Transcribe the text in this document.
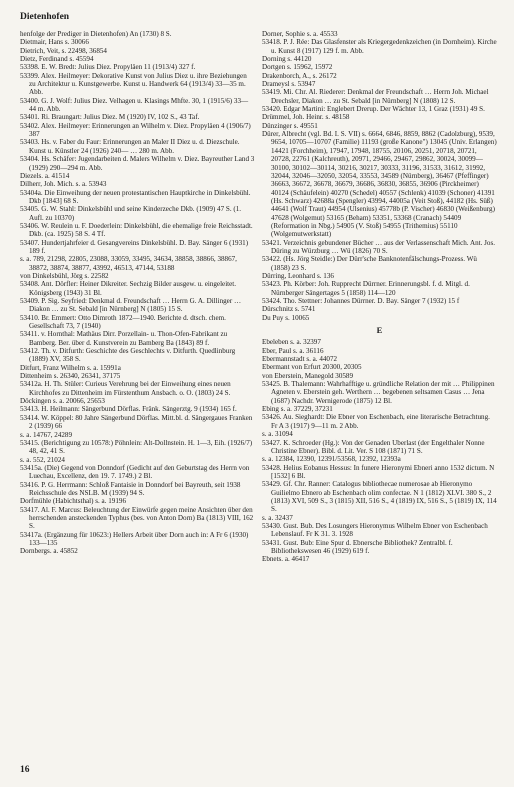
Dietenhofen

henfolge der Prediger in Dietenhofen) An (1730) 8 S.

Dietmair, Hans s. 30066

Dietrich, Veit, s. 22498, 36854

Dietz, Ferdinand s. 45594

53398. E. W. Bredt: Julius Diez. Propyläen 11 (1913/4) 327 f.

53399. Alex. Heilmeyer: Dekorative Kunst von Julius Diez u. ihre Beziehungen zu Architektur u. Kunstgewerbe. Kunst u. Handwerk 64 (1913/4) 33—35 m. Abb.

53400. G. J. Wolf: Julius Diez. Velhagen u. Klasings Mhfte. 30, 1 (1915/6) 33—44 m. Abb.

53401. Ri. Braungart: Julius Diez. M (1920) IV, 102 S., 43 Taf.

53402. Alex. Heilmeyer: Erinnerungen an Wilhelm v. Diez. Propyläen 4 (1906/7) 387

53403. Hs. v. Faber du Faur: Erinnerungen an Maler II Diez u. d. Diezschule. Kunst u. Künstler 24 (1926) 240— … 280 m. Abb.

53404. Hs. Schäfer: Jugendarbeiten d. Malers Wilhelm v. Diez. Bayreuther Land 3 (1929) 290—294 m. Abb.

Diezels. a. 41514

Dilherr, Joh. Mich. s. a. 53943

53404a. Die Einweihung der neuen protestantischen Hauptkirche in Dinkelsbühl. Dkb [1843] 68 S.

53405. G. W. Stahl: Dinkelsbühl und seine Kinderzeche Dkb. (1909) 47 S. (1. Aufl. zu 10370)

53406. W. Reulein u. F. Doederlein: Dinkelsbühl, die ehemalige freie Reichsstadt. Dkb. (ca. 1925) 58 S. 4 Tf.

53407. Hundertjahrfeier d. Gesangvereins Dinkelsbühl. D. Bay. Sänger 6 (1931) 189 f.

s. a. 789, 21298, 22805, 23088, 33059, 33495, 34634, 38858, 38866, 38867, 38872, 38874, 38877, 43992, 46513, 47144, 53188

von Dinkelsbühl, Jörg s. 22582

53408. Ant. Dörfler: Heiner Dikreiter. Sechzig Bilder ausgew. u. eingeleitet. Königsberg (1943) 31 Bl.

53409. P. Sig. Seyfried: Denkmal d. Freundschaft … Herrn G. A. Dillinger … Diakon … zu St. Sebald [in Nürnberg] N (1805) 15 S.

53410. Br. Emmert: Otto Dimroth 1872—1940. Berichte d. dtsch. chem. Gesellschaft 73, 7 (1940)

53411. v. Hornthal: Mathäus Dirr. Porzellain- u. Thon-Ofen-Fabrikant zu Bamberg. Ber. über d. Kunstverein zu Bamberg Ba (1843) 89 f.

53412. Th. v. Ditfurth: Geschichte des Geschlechts v. Ditfurth. Quedlinburg (1889) XV, 358 S.

Ditfurt, Franz Wilhelm s. a. 15991a

Dittenheim s. 26340, 26341, 37175

53412a. H. Th. Stüler: Curieus Verehrung bei der Einweihung eines neuen Kirchhofes zu Dittenheim im Fürstenthum Ansbach. o. O. (1803) 24 S.

Döckingen s. a. 20066, 25653

53413. H. Heilmann: Sängerbund Dörflas. Fränk. Sängerztg. 9 (1934) 165 f.

53414. W. Köppel: 80 Jahre Sängerbund Dörflas. Mitt.bl. d. Sängergaues Franken 2 (1939) 66

s. a. 14767, 24289

53415. (Berichtigung zu 10578:) Pöhnlein: Alt-Dollnstein. H. 1—3, Eih. (1926/7) 48, 42, 41 S.

s. a. 552, 21024

53415a. (Die) Gegend von Donndorf (Gedicht auf den Geburtstag des Herrn von Luechau, Excellenz, den 19. 7. 1749.) 2 Bl.

53416. P. G. Herrmann: Schloß Fantaisie in Donndorf bei Bayreuth, seit 1938 Reichsschule des NSLB. M (1939) 94 S.

Dorfmühle (Habichtsthal) s. a. 19196

53417. Al. F. Marcus: Beleuchtung der Einwürfe gegen meine Ansichten über den herrschenden ansteckenden Typhus (bes. von Anton Dorn) Ba (1813) VIII, 162 S.

53417a. (Ergänzung für 10623:) Hellers Arbeit über Dorn auch in: A Fr 6 (1930) 133—135

Dornbergs. a. 45852

Dorner, Sophie s. a. 45533

53418. P. J. Rée: Das Glasfenster als Kriegergedenkzeichen (in Dornheim). Kirche u. Kunst 8 (1917) 129 f. m. Abb.

Dorning s. 44120

Dortgen s. 15962, 15972

Drakenborch, A., s. 26172

Drameysl s. 53947

53419. Mi. Chr. Al. Riederer: Denkmal der Freundschaft … Herrn Joh. Michael Drechsler, Diakon … zu St. Sebald [in Nürnberg] N (1808) 12 S.

53420. Edgar Martini: Englebert Drerup. Der Wächter 13, 1 Graz (1931) 49 S.

Drümmel, Joh. Heinr. s. 48158

Dünzinger s. 49551

Dürer, Albrecht (vgl. Bd. I. S. VII) s. 6664, 6846, 8859, 8862 (Cadolzburg), 9539, 9654, 10705—10707 (Familie) 11193 (große Kanone") 13045 (Univ. Erlangen) 14421 (Forchheim), 17947, 17948, 18755, 20106, 20251, 20718, 20721, 20728, 22761 (Kalchreuth), 20971, 29466, 29467, 29862, 30024, 30099—30100, 30102—30114, 30216, 30217, 30333, 31196, 31533, 31612, 31992, 32044, 32046—32050, 32054, 33553, 34589 (Nürnberg), 36467 (Pfeffinger) 36663, 36672, 36678, 36679, 36686, 36830, 36855, 36906 (Pirckheimer) 40124 (Schäufelein) 40270 (Schedel) 40557 (Schlenk) 41039 (Schoner) 41391 (Hs. Schwarz) 42688a (Spengler) 43994, 44005a (Veit Stoß), 44182 (Hs. Süß) 44641 (Wolf Traut) 44954 (Ulsenius) 45778b (P. Vischer) 46830 (Weißenburg) 47628 (Wolgemut) 53165 (Beham) 53351, 53368 (Cranach) 54409 (Reformation in Nbg.) 54905 (V. Stoß) 54955 (Trithemius) 55110 (Wolgemutwerkstatt)

53421. Verzeichnis gebundener Bücher … aus der Verlassenschaft Mich. Ant. Jos. Düring zu Würzburg … Wü (1826) 70 S.

53422. (Hs. Jörg Steidle:) Der Dürr'sche Banknotenfälschungs-Prozess. Wü (1858) 23 S.

Dürring, Leonhard s. 136

53423. Ph. Körber: Joh. Rupprecht Dürrner. Erinnerungsbl. f. d. Mitgl. d. Nürnberger Sängertages 5 (1858) 114—120

53424. Tho. Stettner: Johannes Dürrner. D. Bay. Sänger 7 (1932) 15 f

Dürschnitz s. 5741

Du Puy s. 10065

E

Ebeleben s. a. 32397

Eber, Paul s. a. 36116

Ebermannstadt s. a. 44072

Ebermant von Erfurt 20300, 20305

von Eberstein, Manegold 30589

53425. B. Thalemann: Wahrhafftige u. gründliche Relation der mit … Philippinen Agneten v. Eberstein geh. Werthern … begebenen seltsamen Casus … Jena (1687) Nachdr. Wernigerode (1875) 12 Bl.

Ebing s. a. 37229, 37231

53426. Au. Sieghardt: Die Ebner von Eschenbach, eine literarische Betrachtung. Fr A 3 (1917) 9—11 m. 2 Abb.

s. a. 31094

53427. K. Schroeder (Hg.): Von der Genaden Uberlast (der Engelthaler Nonne Christine Ebner). Bibl. d. Lit. Ver. S 108 (1871) 71 S.

s. a. 12384, 12390, 12391/53568, 12392, 12393a

53428. Helius Eobanus Hessus: In funere Hieronymi Ebneri anno 1532 dictum. N [1532] 6 Bl.

53429. Gf. Chr. Ranner: Catalogus bibliothecae numerosae ab Hieronymo Guilielmo Ebnero ab Eschenbach olim confectae. N 1 (1812) XLVI. 380 S., 2 (1813) XVI, 509 S., 3 (1815) XII, 516 S., 4 (1819) IX, 516 S., 5 (1819) IX, 114 S.

s. a. 32437

53430. Gust. Bub. Des Losungers Hieronymus Wilhelm Ebner von Eschenbach Lebenslauf. Fr K 31. 3. 1928

53431. Gust. Bub: Eine Spur d. Ebnersche Bibliothek? Zentralbl. f. Bibliothekswesen 46 (1929) 619 f.

Ebnets. a. 46417

16
